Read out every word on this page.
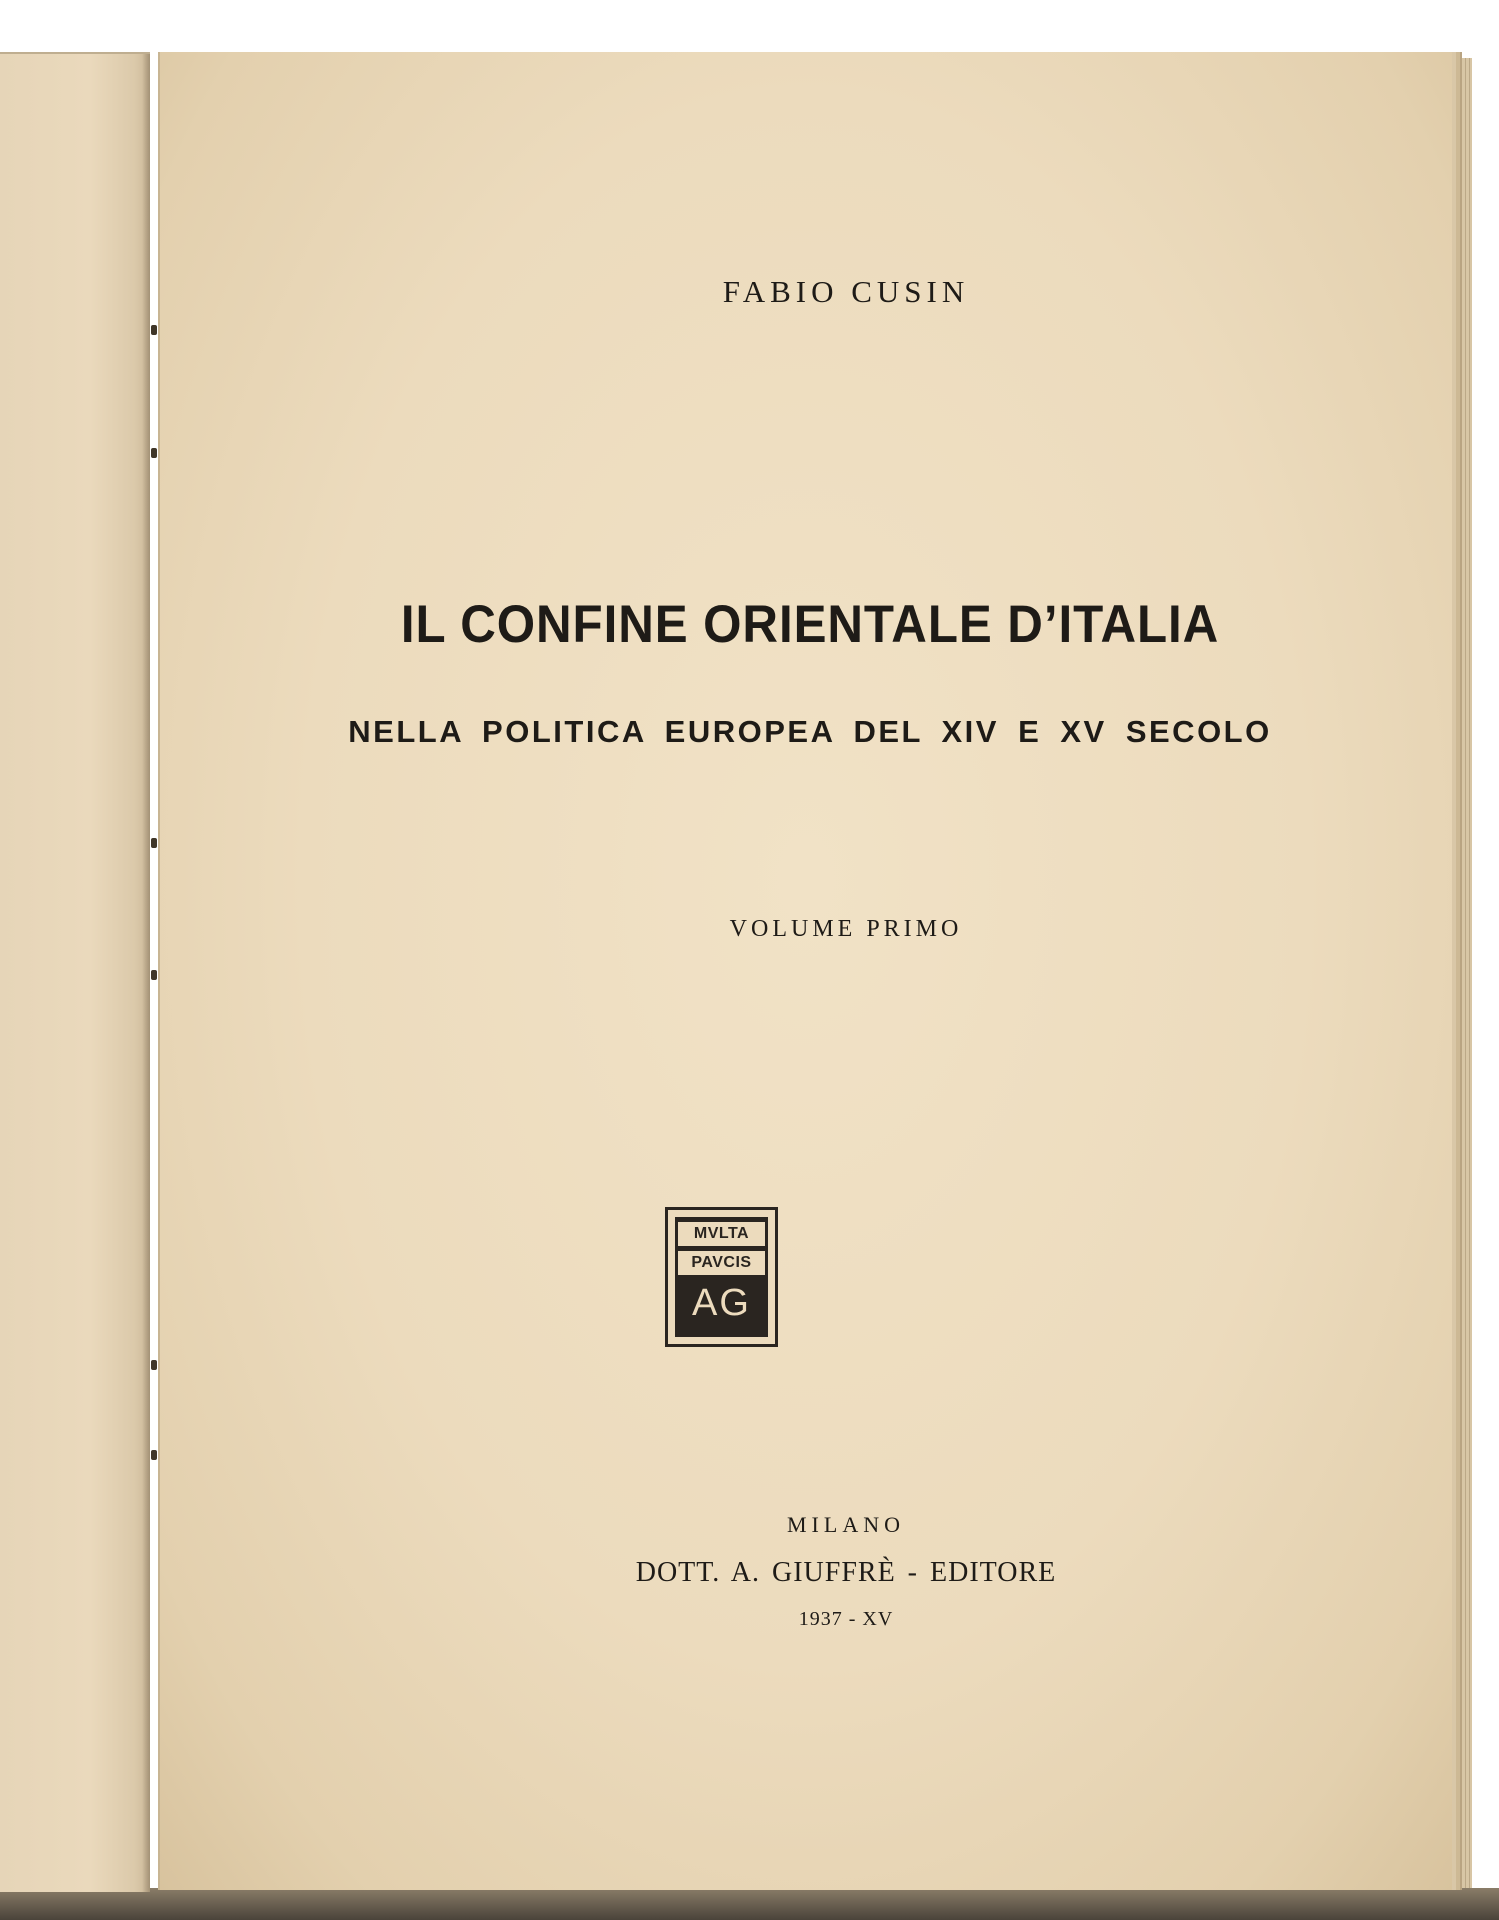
FABIO CUSIN
IL CONFINE ORIENTALE D’ITALIA
NELLA POLITICA EUROPEA DEL XIV E XV SECOLO
VOLUME PRIMO
MVLTA
PAVCIS
AG
MILANO
DOTT. A. GIUFFRÈ - EDITORE
1937 - XV
